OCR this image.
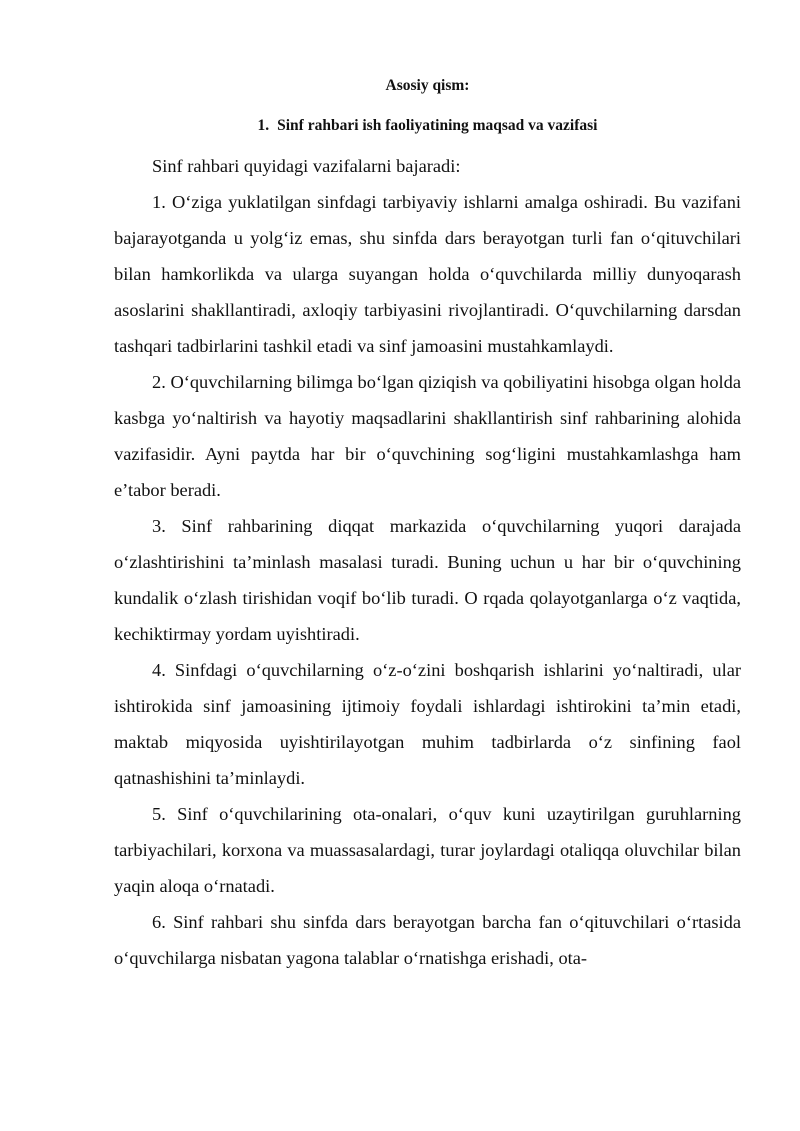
Asosiy qism:
1. Sinf rahbari ish faoliyatining maqsad va vazifasi

Sinf rahbari quyidagi vazifalarni bajaradi:

1. O‘ziga yuklatilgan sinfdagi tarbiyaviy ishlarni amalga oshiradi. Bu vazifani bajarayotganda u yolg‘iz emas, shu sinfda dars berayotgan turli fan o‘qituvchilari bilan hamkorlikda va ularga suyangan holda o‘quvchilarda milliy dunyoqarash asoslarini shakllantiradi, axloqiy tarbiyasini rivojlantiradi. O‘quvchilarning darsdan tashqari tadbirlarini tashkil etadi va sinf jamoasini mustahkamlaydi.

2. O‘quvchilarning bilimga bo‘lgan qiziqish va qobiliyatini hisobga olgan holda kasbga yo‘naltirish va hayotiy maqsadlarini shakllantirish sinf rahbarining alohida vazifasidir. Ayni paytda har bir o‘quvchining sog‘ligini mustahkamlashga ham e’tabor beradi.

3. Sinf rahbarining diqqat markazida o‘quvchilarning yuqori darajada o‘zlashtirishini ta’minlash masalasi turadi. Buning uchun u har bir o‘quvchining kundalik o‘zlash tirishidan voqif bo‘lib turadi. O rqada qolayotganlarga o‘z vaqtida, kechiktirmay yordam uyishtiradi.

4. Sinfdagi o‘quvchilarning o‘z-o‘zini boshqarish ishlarini yo‘naltiradi, ular ishtirokida sinf jamoasining ijtimoiy foydali ishlardagi ishtirokini ta’min etadi, maktab miqyosida uyishtirilayotgan muhim tadbirlarda o‘z sinfining faol qatnashishini ta’minlaydi.

5. Sinf o‘quvchilarining ota-onalari, o‘quv kuni uzaytirilgan guruhlarning tarbiyachilari, korxona va muassasalardagi, turar joylardagi otaliqqa oluvchilar bilan yaqin aloqa o‘rnatadi.

6. Sinf rahbari shu sinfda dars berayotgan barcha fan o‘qituvchilari o‘rtasida o‘quvchilarga nisbatan yagona talablar o‘rnatishga erishadi, ota-
